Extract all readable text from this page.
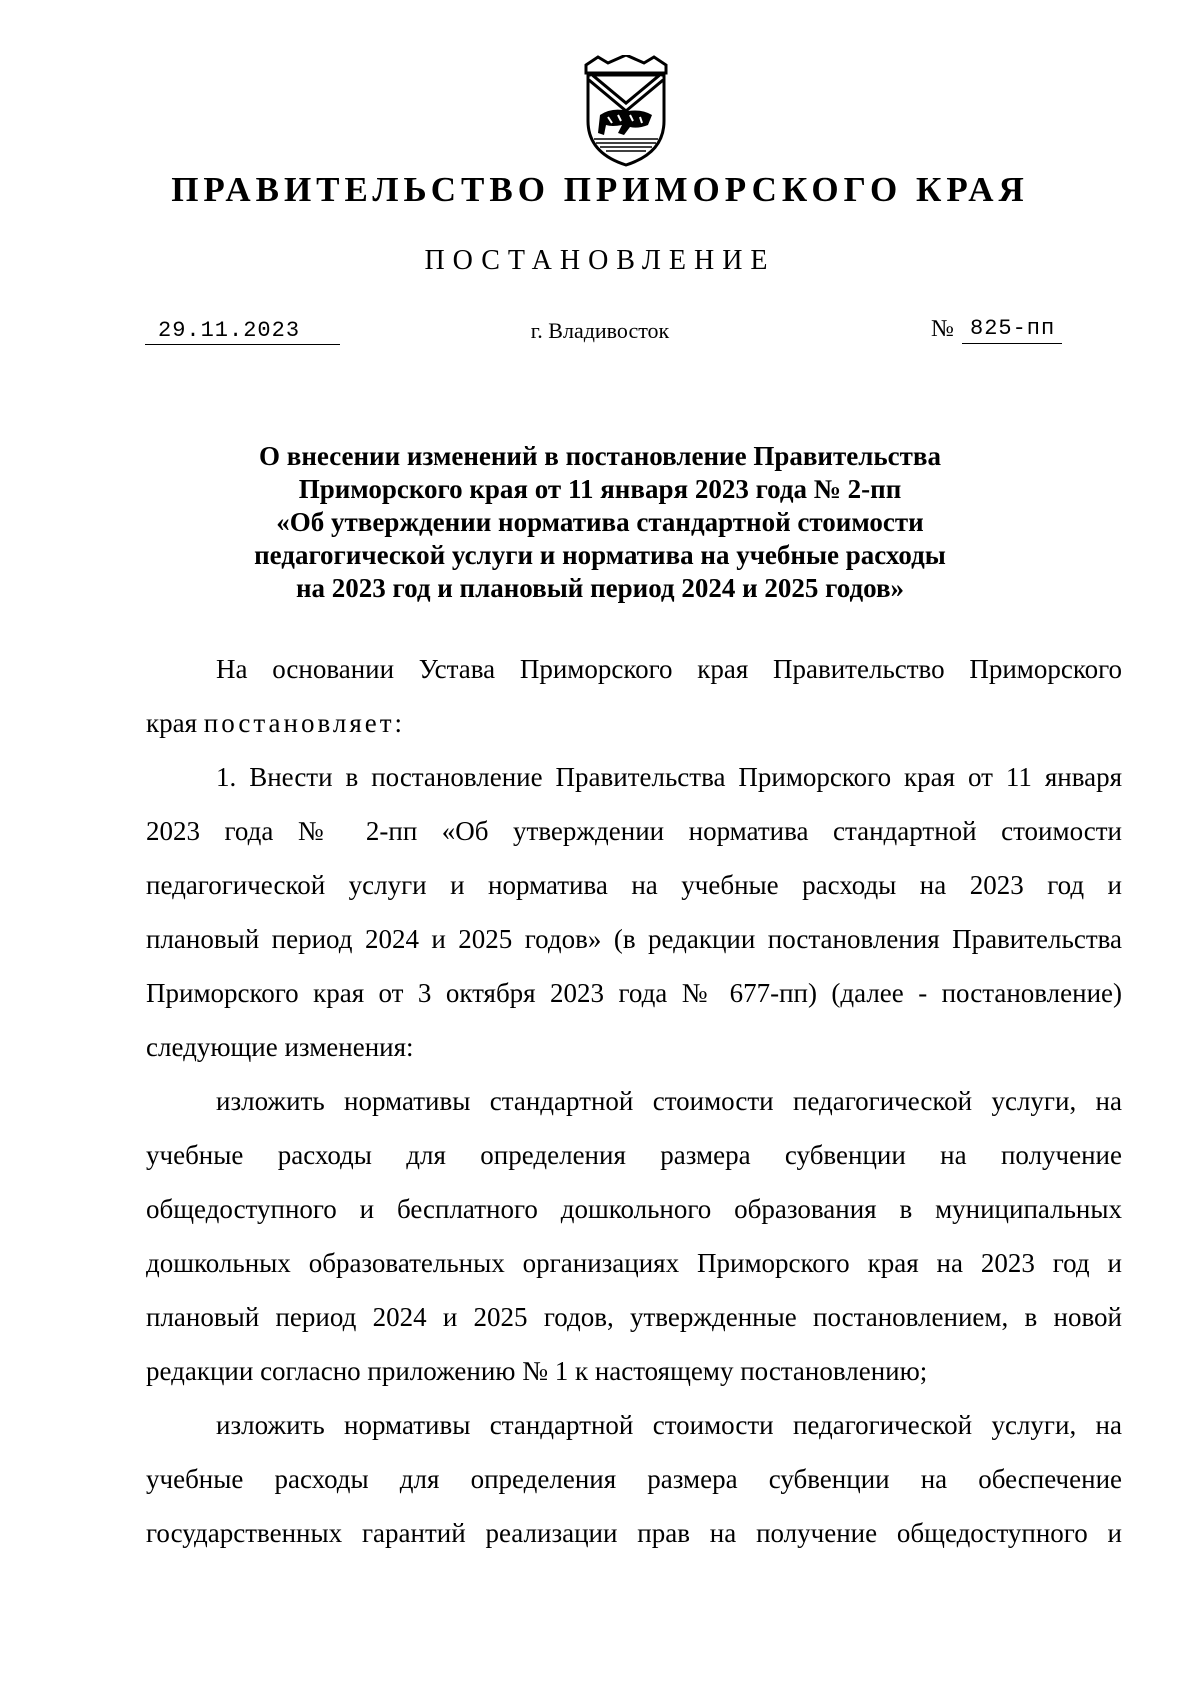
ПРАВИТЕЛЬСТВО ПРИМОРСКОГО КРАЯ
ПОСТАНОВЛЕНИЕ
29.11.2023	г. Владивосток	№ 825-пп
О внесении изменений в постановление Правительства
Приморского края от 11 января 2023 года № 2-пп
«Об утверждении норматива стандартной стоимости
педагогической услуги и норматива на учебные расходы
на 2023 год и плановый период 2024 и 2025 годов»
На основании Устава Приморского края Правительство Приморского
края постановляет:
1. Внести в постановление Правительства Приморского края от 11 января
2023 года № 2-пп «Об утверждении норматива стандартной стоимости
педагогической услуги и норматива на учебные расходы на 2023 год и
плановый период 2024 и 2025 годов» (в редакции постановления Правительства
Приморского края от 3 октября 2023 года № 677-пп) (далее - постановление)
следующие изменения:
изложить нормативы стандартной стоимости педагогической услуги, на
учебные расходы для определения размера субвенции на получение
общедоступного и бесплатного дошкольного образования в муниципальных
дошкольных образовательных организациях Приморского края на 2023 год и
плановый период 2024 и 2025 годов, утвержденные постановлением, в новой
редакции согласно приложению № 1 к настоящему постановлению;
изложить нормативы стандартной стоимости педагогической услуги, на
учебные расходы для определения размера субвенции на обеспечение
государственных гарантий реализации прав на получение общедоступного и
